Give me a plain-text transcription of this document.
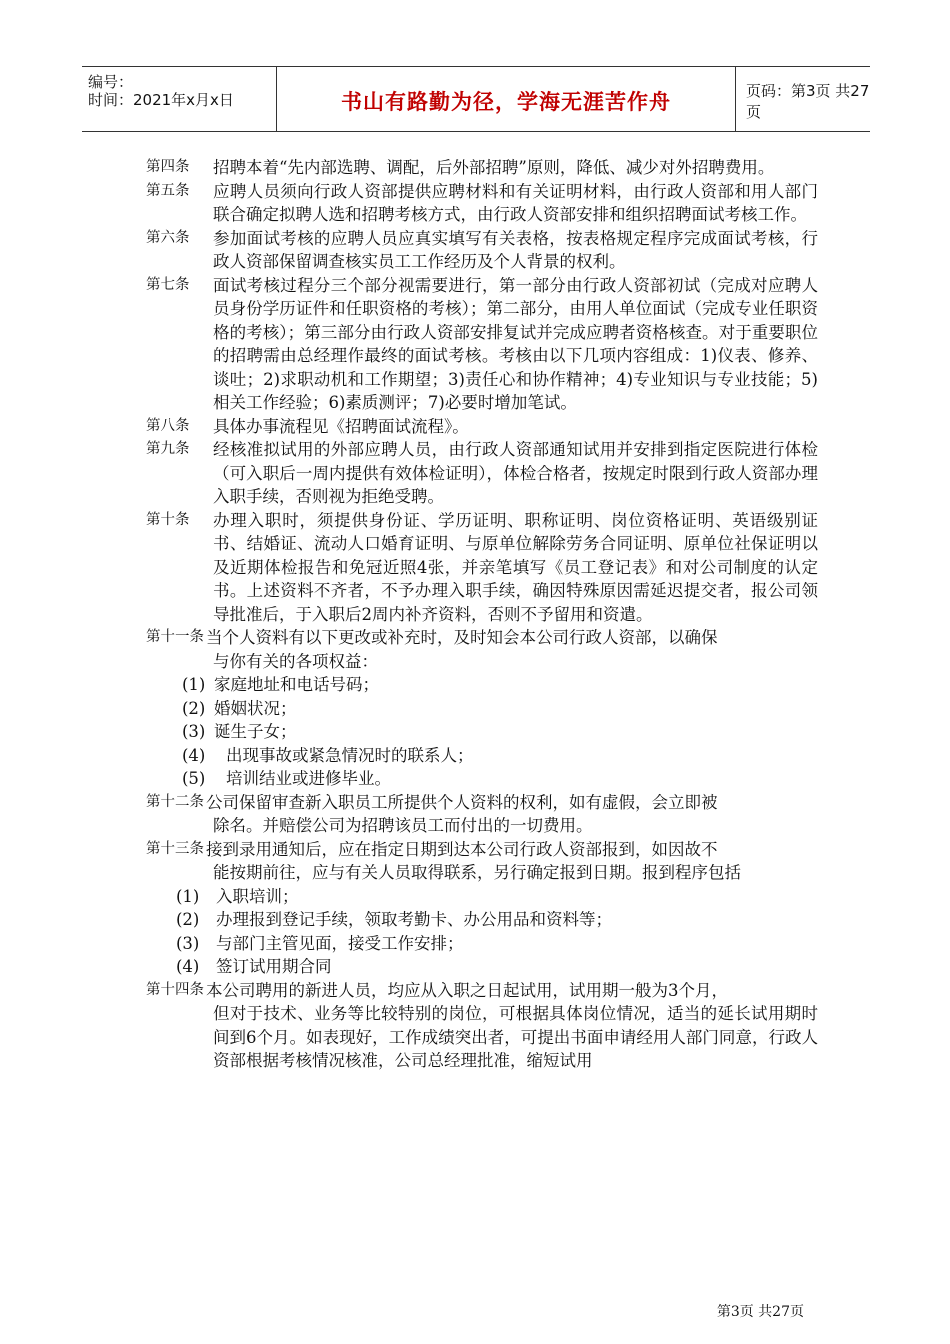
编号：
时间：2021年x月x日	书山有路勤为径，学海无涯苦作舟	页码：第3页 共27页
第四条	招聘本着“先内部选聘、调配，后外部招聘”原则，降低、减少对外招聘费用。
第五条	应聘人员须向行政人资部提供应聘材料和有关证明材料，由行政人资部和用人部门联合确定拟聘人选和招聘考核方式，由行政人资部安排和组织招聘面试考核工作。
第六条	参加面试考核的应聘人员应真实填写有关表格，按表格规定程序完成面试考核，行政人资部保留调查核实员工工作经历及个人背景的权利。
第七条	面试考核过程分三个部分视需要进行，第一部分由行政人资部初试（完成对应聘人员身份学历证件和任职资格的考核）；第二部分，由用人单位面试（完成专业任职资格的考核）；第三部分由行政人资部安排复试并完成应聘者资格核查。对于重要职位的招聘需由总经理作最终的面试考核。考核由以下几项内容组成：1)仪表、修养、谈吐；2)求职动机和工作期望；3)责任心和协作精神；4)专业知识与专业技能；5)相关工作经验；6)素质测评；7)必要时增加笔试。
第八条	具体办事流程见《招聘面试流程》。
第九条	经核准拟试用的外部应聘人员，由行政人资部通知试用并安排到指定医院进行体检（可入职后一周内提供有效体检证明），体检合格者，按规定时限到行政人资部办理入职手续，否则视为拒绝受聘。
第十条	办理入职时，须提供身份证、学历证明、职称证明、岗位资格证明、英语级别证书、结婚证、流动人口婚育证明、与原单位解除劳务合同证明、原单位社保证明以及近期体检报告和免冠近照4张，并亲笔填写《员工登记表》和对公司制度的认定书。上述资料不齐者，不予办理入职手续，确因特殊原因需延迟提交者，报公司领导批准后，于入职后2周内补齐资料，否则不予留用和资遣。
第十一条 当个人资料有以下更改或补充时，及时知会本公司行政人资部，以确保

与你有关的各项权益：

(1) 家庭地址和电话号码；

(2) 婚姻状况；

(3) 诞生子女；

(4) 出现事故或紧急情况时的联系人；

(5) 培训结业或进修毕业。

第十二条 公司保留审查新入职员工所提供个人资料的权利，如有虚假，会立即被

除名。并赔偿公司为招聘该员工而付出的一切费用。

第十三条 接到录用通知后，应在指定日期到达本公司行政人资部报到，如因故不

能按期前往，应与有关人员取得联系，另行确定报到日期。报到程序包括

(1) 入职培训；

(2) 办理报到登记手续，领取考勤卡、办公用品和资料等；

(3) 与部门主管见面，接受工作安排；

(4) 签订试用期合同

第十四条 本公司聘用的新进人员，均应从入职之日起试用，试用期一般为3个月，

但对于技术、业务等比较特别的岗位，可根据具体岗位情况，适当的延长试用期时间到6个月。如表现好，工作成绩突出者，可提出书面申请经用人部门同意，行政人资部根据考核情况核准，公司总经理批准，缩短试用

第3页 共27页
